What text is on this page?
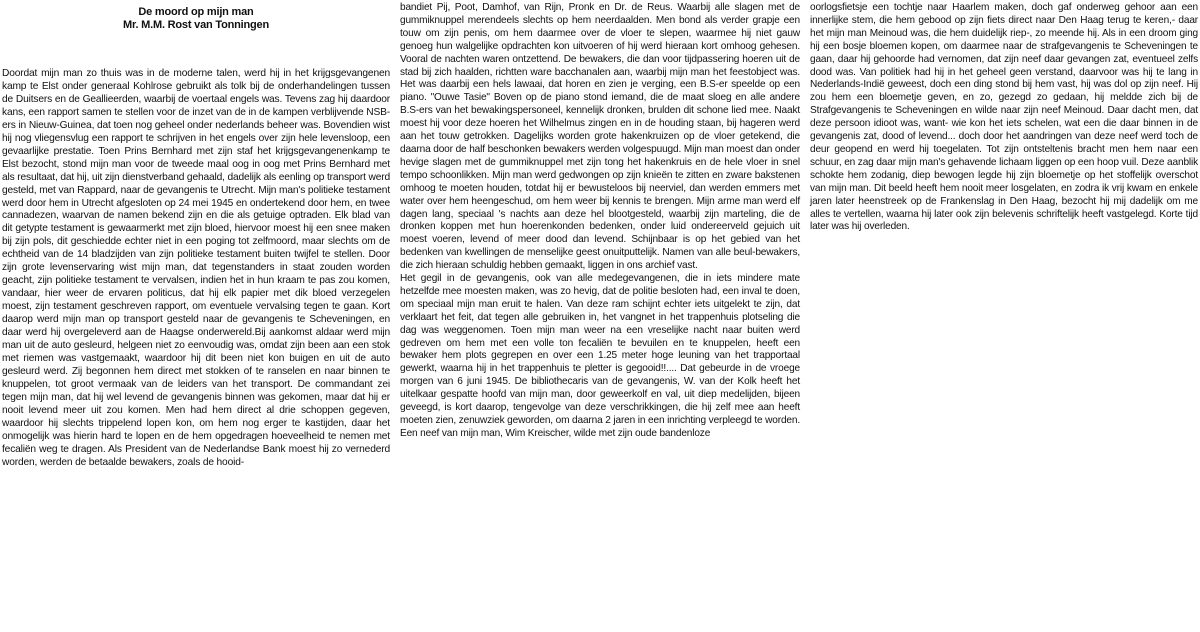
De moord op mijn man
Mr. M.M. Rost van Tonningen

Doordat mijn man zo thuis was in de moderne talen, werd hij in het krijgsgevangenen kamp te Elst onder generaal Kohlrose gebruikt als tolk bij de onderhandelingen tussen de Duitsers en de Geallieerden, waarbij de voertaal engels was. Tevens zag hij daardoor kans, een rapport samen te stellen voor de inzet van de in de kampen verblijvende NSB-ers in Nieuw-Guinea, dat toen nog geheel onder nederlands beheer was. Bovendien wist hij nog vliegensvlug een rapport te schrijven in het engels over zijn hele levensloop, een gevaarlijke prestatie. Toen Prins Bernhard met zijn staf het krijgsgevangenenkamp te Elst bezocht, stond mijn man voor de tweede maal oog in oog met Prins Bernhard met als resultaat, dat hij, uit zijn dienstverband gehaald, dadelijk als eenling op transport werd gesteld, met van Rappard, naar de gevangenis te Utrecht. Mijn man's politieke testament werd door hem in Utrecht afgesloten op 24 mei 1945 en ondertekend door hem, en twee cannadezen, waarvan de namen bekend zijn en die als getuige optraden. Elk blad van dit getypte testament is gewaarmerkt met zijn bloed, hiervoor moest hij een snee maken bij zijn pols, dit geschiedde echter niet in een poging tot zelfmoord, maar slechts om de echtheid van de 14 bladzijden van zijn politieke testament buiten twijfel te stellen. Door zijn grote levenservaring wist mijn man, dat tegenstanders in staat zouden worden geacht, zijn politieke testament te vervalsen, indien het in hun kraam te pas zou komen, vandaar, hier weer de ervaren politicus, dat hij elk papier met dik bloed verzegelen moest, zijn testament geschreven rapport, om eventuele vervalsing tegen te gaan. Kort daarop werd mijn man op transport gesteld naar de gevangenis te Scheveningen, en daar werd hij overgeleverd aan de Haagse onderwereld.Bij aankomst aldaar werd mijn man uit de auto gesleurd, helgeen niet zo eenvoudig was, omdat zijn been aan een stok met riemen was vastgemaakt, waardoor hij dit been niet kon buigen en uit de auto gesleurd werd. Zij begonnen hem direct met stokken of te ranselen en naar binnen te knuppelen, tot groot vermaak van de leiders van het transport. De commandant zei tegen mijn man, dat hij wel levend de gevangenis binnen was gekomen, maar dat hij er nooit levend meer uit zou komen. Men had hem direct al drie schoppen gegeven, waardoor hij slechts trippelend lopen kon, om hem nog erger te kastijden, daar het onmogelijk was hierin hard te lopen en de hem opgedragen hoeveelheid te nemen met fecaliën weg te dragen. Als President van de Nederlandse Bank moest hij zo vernederd worden, werden de betaalde bewakers, zoals de hooid-

bandiet Pij, Poot, Damhof, van Rijn, Pronk en Dr. de Reus. Waarbij alle slagen met de gummiknuppel merendeels slechts op hem neerdaalden. Men bond als verder grapje een touw om zijn penis, om hem daarmee over de vloer te slepen, waarmee hij niet gauw genoeg hun walgelijke opdrachten kon uitvoeren of hij werd hieraan kort omhoog gehesen. Vooral de nachten waren ontzettend. De bewakers, die dan voor tijdpassering hoeren uit de stad bij zich haalden, richtten ware bacchanalen aan, waarbij mijn man het feestobject was. Het was daarbij een hels lawaai, dat horen en zien je verging, een B.S-er speelde op een piano. "Ouwe Tasie" Boven op de piano stond iemand, die de maat sloeg en alle andere B.S-ers van het bewakingspersoneel, kennelijk dronken, brulden dit schone lied mee. Naakt moest hij voor deze hoeren het Wilhelmus zingen en in de houding staan, bij hageren werd aan het touw getrokken. Dagelijks worden grote hakenkruizen op de vloer getekend, die daarna door de half beschonken bewakers werden volgespuugd. Mijn man moest dan onder hevige slagen met de gummiknuppel met zijn tong het hakenkruis en de hele vloer in snel tempo schoonlikken. Mijn man werd gedwongen op zijn knieën te zitten en zware bakstenen omhoog te moeten houden, totdat hij er bewusteloos bij neerviel, dan werden emmers met water over hem heengeschud, om hem weer bij kennis te brengen. Mijn arme man werd elf dagen lang, speciaal 's nachts aan deze hel blootgesteld, waarbij zijn marteling, die de dronken koppen met hun hoerenkonden bedenken, onder luid ondereerveld gejuich uit moest voeren, levend of meer dood dan levend. Schijnbaar is op het gebied van het bedenken van kwellingen de menselijke geest onuitputtelijk. Namen van alle beul-bewakers, die zich hieraan schuldig hebben gemaakt, liggen in ons archief vast.

Het gegil in de gevangenis, ook van alle medegevangenen, die in iets mindere mate hetzelfde mee moesten maken, was zo hevig, dat de politie besloten had, een inval te doen, om speciaal mijn man eruit te halen. Van deze ram schijnt echter iets uitgelekt te zijn, dat verklaart het feit, dat tegen alle gebruiken in, het vangnet in het trappenhuis plotseling die dag was weggenomen. Toen mijn man weer na een vreselijke nacht naar buiten werd gedreven om hem met een volle ton fecaliën te bevuilen en te knuppelen, heeft een bewaker hem plots gegrepen en over een 1.25 meter hoge leuning van het trapportaal gewerkt, waarna hij in het trappenhuis te pletter is gegooid!!.... Dat gebeurde in de vroege morgen van 6 juni 1945. De bibliothecaris van de gevangenis, W. van der Kolk heeft het uitelkaar gespatte hoofd van mijn man, door geweerkolf en val, uit diep medelijden, bijeen geveegd, is kort daarop, tengevolge van deze verschrikkingen, die hij zelf mee aan heeft moeten zien, zenuwziek geworden, om daarna 2 jaren in een inrichting verpleegd te worden. Een neef van mijn man, Wim Kreischer, wilde met zijn oude bandenloze

oorlogsfietsje een tochtje naar Haarlem maken, doch gaf onderweg gehoor aan een innerlijke stem, die hem gebood op zijn fiets direct naar Den Haag terug te keren,- daar het mijn man Meinoud was, die hem duidelijk riep-, zo meende hij. Als in een droom ging hij een bosje bloemen kopen, om daarmee naar de strafgevangenis te Scheveningen te gaan, daar hij gehoorde had vernomen, dat zijn neef daar gevangen zat, eventueel zelfs dood was. Van politiek had hij in het geheel geen verstand, daarvoor was hij te lang in Nederlands-Indië geweest, doch een ding stond bij hem vast, hij was dol op zijn neef. Hij zou hem een bloemetje geven, en zo, gezegd zo gedaan, hij meldde zich bij de Strafgevangenis te Scheveningen en wilde naar zijn neef Meinoud. Daar dacht men, dat deze persoon idioot was, want- wie kon het iets schelen, wat een die daar binnen in de gevangenis zat, dood of levend... doch door het aandringen van deze neef werd toch de deur geopend en werd hij toegelaten. Tot zijn ontsteltenis bracht men hem naar een schuur, en zag daar mijn man's gehavende lichaam liggen op een hoop vuil. Deze aanblik schokte hem zodanig, diep bewogen legde hij zijn bloemetje op het stoffelijk overschot van mijn man. Dit beeld heeft hem nooit meer losgelaten, en zodra ik vrij kwam en enkele jaren later heenstreek op de Frankenslag in Den Haag, bezocht hij mij dadelijk om me alles te vertellen, waarna hij later ook zijn belevenis schriftelijk heeft vastgelegd. Korte tijd later was hij overleden.
